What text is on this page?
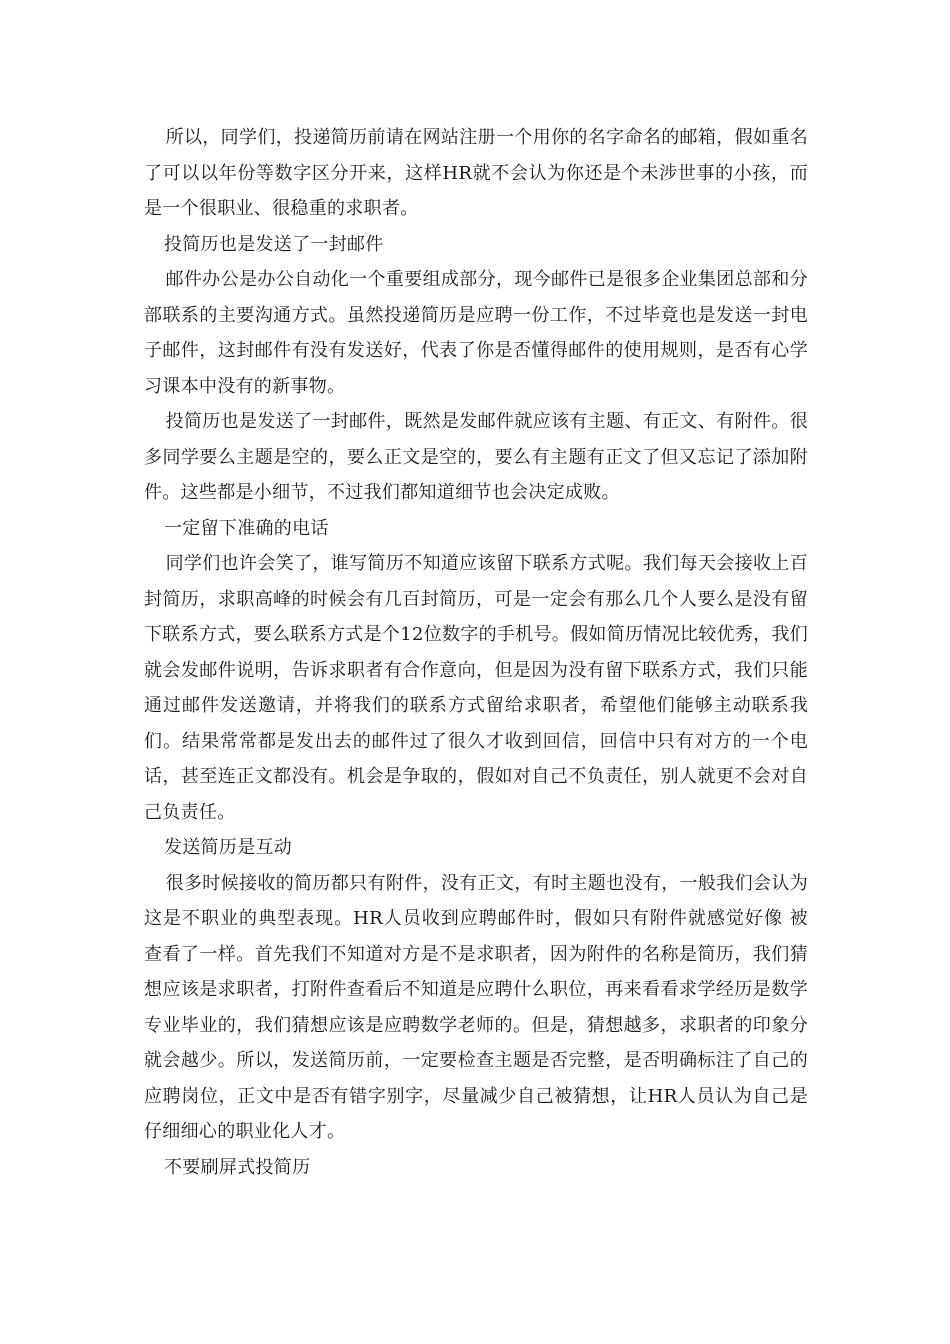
所以，同学们，投递简历前请在网站注册一个用你的名字命名的邮箱，假如重名了可以以年份等数字区分开来，这样HR就不会认为你还是个未涉世事的小孩，而是一个很职业、很稳重的求职者。

投简历也是发送了一封邮件

邮件办公是办公自动化一个重要组成部分，现今邮件已是很多企业集团总部和分部联系的主要沟通方式。虽然投递简历是应聘一份工作，不过毕竟也是发送一封电子邮件，这封邮件有没有发送好，代表了你是否懂得邮件的使用规则，是否有心学习课本中没有的新事物。

投简历也是发送了一封邮件，既然是发邮件就应该有主题、有正文、有附件。很多同学要么主题是空的，要么正文是空的，要么有主题有正文了但又忘记了添加附件。这些都是小细节，不过我们都知道细节也会决定成败。

一定留下准确的电话

同学们也许会笑了，谁写简历不知道应该留下联系方式呢。我们每天会接收上百封简历，求职高峰的时候会有几百封简历，可是一定会有那么几个人要么是没有留下联系方式，要么联系方式是个12位数字的手机号。假如简历情况比较优秀，我们就会发邮件说明，告诉求职者有合作意向，但是因为没有留下联系方式，我们只能通过邮件发送邀请，并将我们的联系方式留给求职者，希望他们能够主动联系我们。结果常常都是发出去的邮件过了很久才收到回信，回信中只有对方的一个电话，甚至连正文都没有。机会是争取的，假如对自己不负责任，别人就更不会对自己负责任。

发送简历是互动

很多时候接收的简历都只有附件，没有正文，有时主题也没有，一般我们会认为这是不职业的典型表现。HR人员收到应聘邮件时，假如只有附件就感觉好像 被 查看了一样。首先我们不知道对方是不是求职者，因为附件的名称是简历，我们猜想应该是求职者，打附件查看后不知道是应聘什么职位，再来看看求学经历是数学专业毕业的，我们猜想应该是应聘数学老师的。但是，猜想越多，求职者的印象分就会越少。所以，发送简历前，一定要检查主题是否完整，是否明确标注了自己的应聘岗位，正文中是否有错字别字，尽量减少自己被猜想，让HR人员认为自己是仔细细心的职业化人才。

不要刷屏式投简历
